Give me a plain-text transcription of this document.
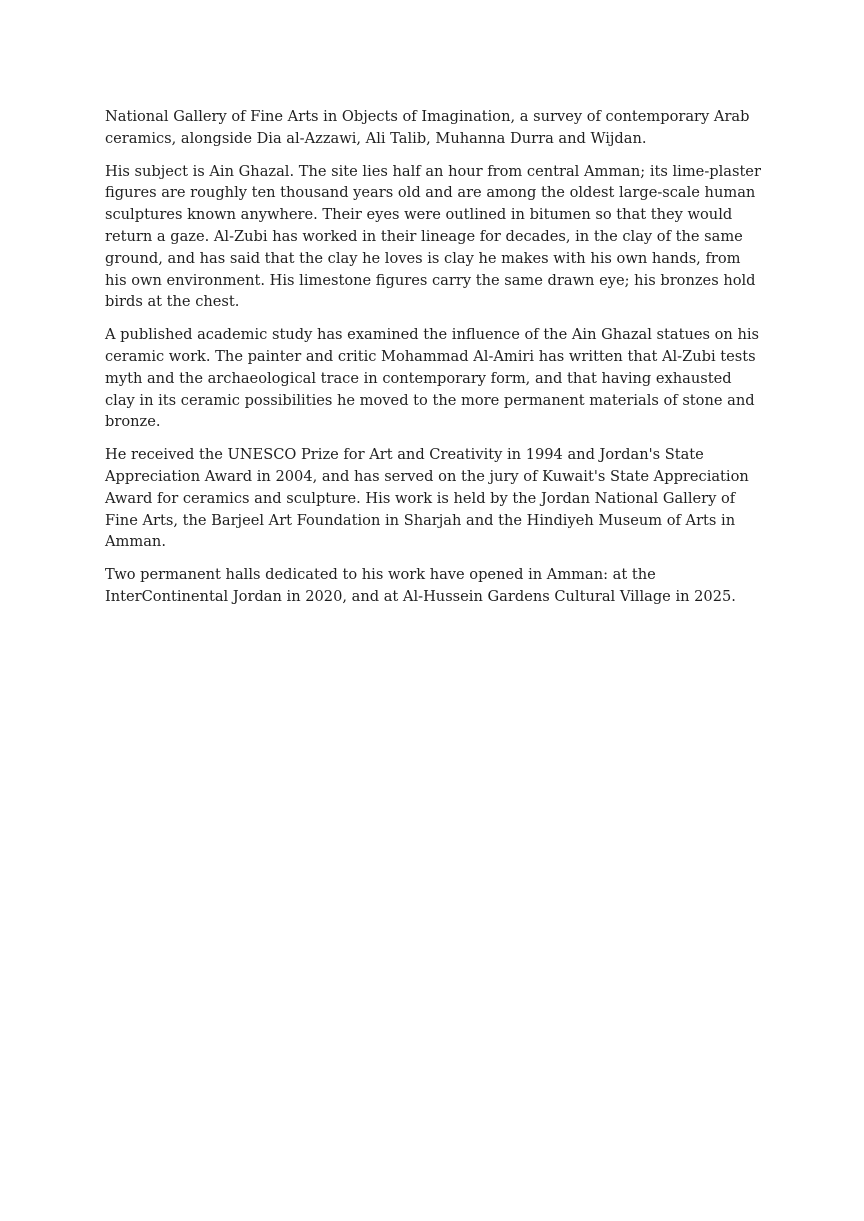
National Gallery of Fine Arts in Objects of Imagination, a survey of contemporary Arab ceramics, alongside Dia al-Azzawi, Ali Talib, Muhanna Durra and Wijdan.

His subject is Ain Ghazal. The site lies half an hour from central Amman; its lime-plaster figures are roughly ten thousand years old and are among the oldest large-scale human sculptures known anywhere. Their eyes were outlined in bitumen so that they would return a gaze. Al-Zubi has worked in their lineage for decades, in the clay of the same ground, and has said that the clay he loves is clay he makes with his own hands, from his own environment. His limestone figures carry the same drawn eye; his bronzes hold birds at the chest.

A published academic study has examined the influence of the Ain Ghazal statues on his ceramic work. The painter and critic Mohammad Al-Amiri has written that Al-Zubi tests myth and the archaeological trace in contemporary form, and that having exhausted clay in its ceramic possibilities he moved to the more permanent materials of stone and bronze.

He received the UNESCO Prize for Art and Creativity in 1994 and Jordan's State Appreciation Award in 2004, and has served on the jury of Kuwait's State Appreciation Award for ceramics and sculpture. His work is held by the Jordan National Gallery of Fine Arts, the Barjeel Art Foundation in Sharjah and the Hindiyeh Museum of Arts in Amman.

Two permanent halls dedicated to his work have opened in Amman: at the InterContinental Jordan in 2020, and at Al-Hussein Gardens Cultural Village in 2025.
